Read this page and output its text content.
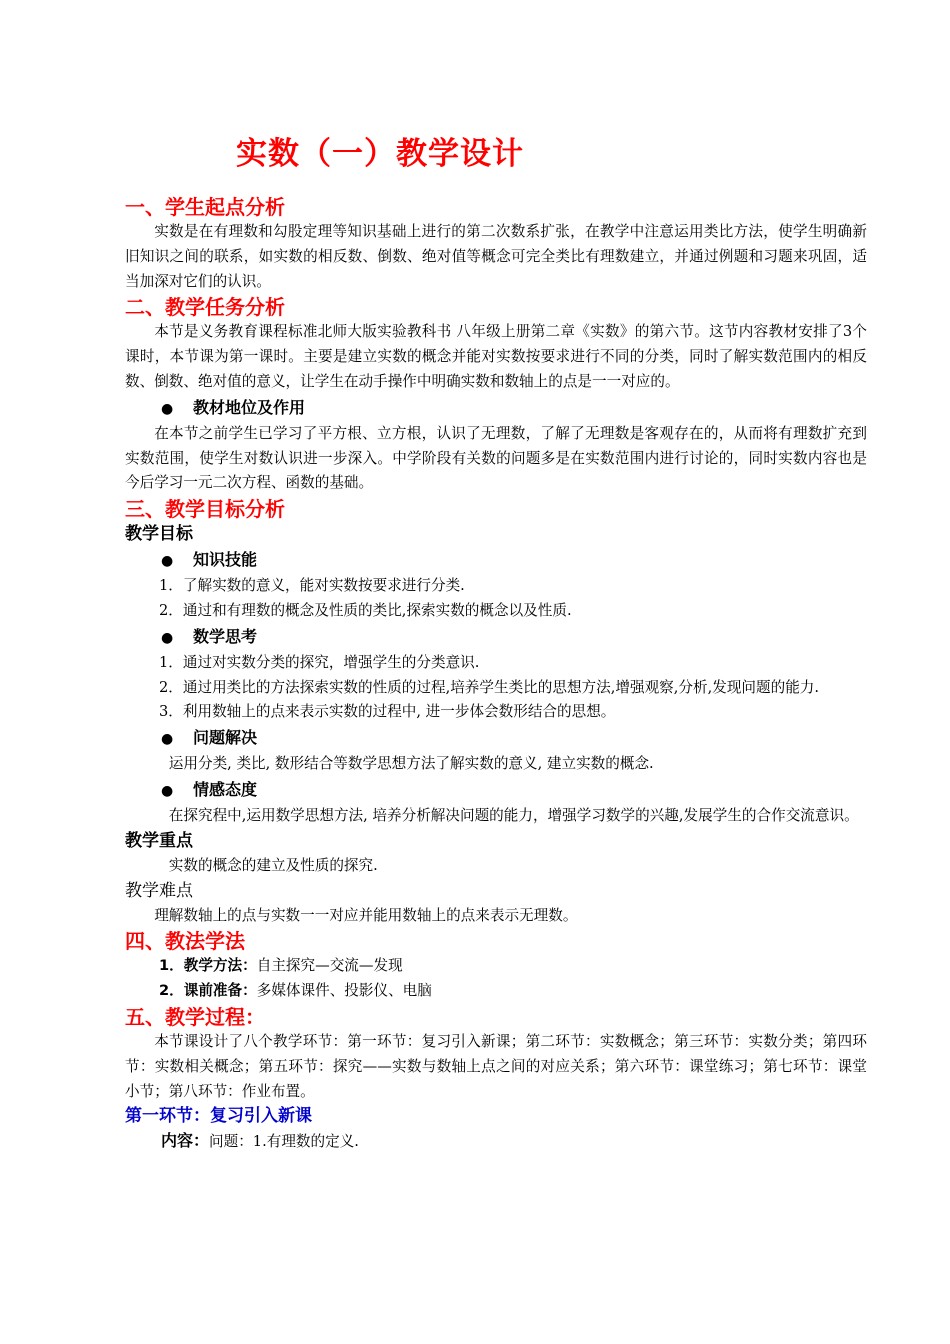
实数（一）教学设计
一、学生起点分析

实数是在有理数和勾股定理等知识基础上进行的第二次数系扩张，在教学中注意运用类比方法，使学生明确新旧知识之间的联系，如实数的相反数、倒数、绝对值等概念可完全类比有理数建立，并通过例题和习题来巩固，适当加深对它们的认识。

二、教学任务分析

本节是义务教育课程标准北师大版实验教科书 八年级上册第二章《实数》的第六节。这节内容教材安排了3个课时，本节课为第一课时。主要是建立实数的概念并能对实数按要求进行不同的分类，同时了解实数范围内的相反数、倒数、绝对值的意义，让学生在动手操作中明确实数和数轴上的点是一一对应的。

● 教材地位及作用

在本节之前学生已学习了平方根、立方根，认识了无理数，了解了无理数是客观存在的，从而将有理数扩充到实数范围，使学生对数认识进一步深入。中学阶段有关数的问题多是在实数范围内进行讨论的，同时实数内容也是今后学习一元二次方程、函数的基础。

三、教学目标分析
教学目标
● 知识技能
1．了解实数的意义，能对实数按要求进行分类.
2．通过和有理数的概念及性质的类比,探索实数的概念以及性质.
● 数学思考
1．通过对实数分类的探究，增强学生的分类意识.
2．通过用类比的方法探索实数的性质的过程,培养学生类比的思想方法,增强观察,分析,发现问题的能力.
3．利用数轴上的点来表示实数的过程中, 进一步体会数形结合的思想。
● 问题解决

运用分类, 类比, 数形结合等数学思想方法了解实数的意义, 建立实数的概念.

● 情感态度

在探究程中,运用数学思想方法, 培养分析解决问题的能力，增强学习数学的兴趣,发展学生的合作交流意识。

教学重点

实数的概念的建立及性质的探究.

教学难点

理解数轴上的点与实数一一对应并能用数轴上的点来表示无理数。

四、教法学法
1．教学方法：自主探究—交流—发现
2．课前准备：多媒体课件、投影仪、电脑
五、教学过程：

本节课设计了八个教学环节：第一环节：复习引入新课；第二环节：实数概念；第三环节：实数分类；第四环节：实数相关概念；第五环节：探究——实数与数轴上点之间的对应关系；第六环节：课堂练习；第七环节：课堂小节；第八环节：作业布置。

第一环节：复习引入新课
内容：问题：1.有理数的定义.
